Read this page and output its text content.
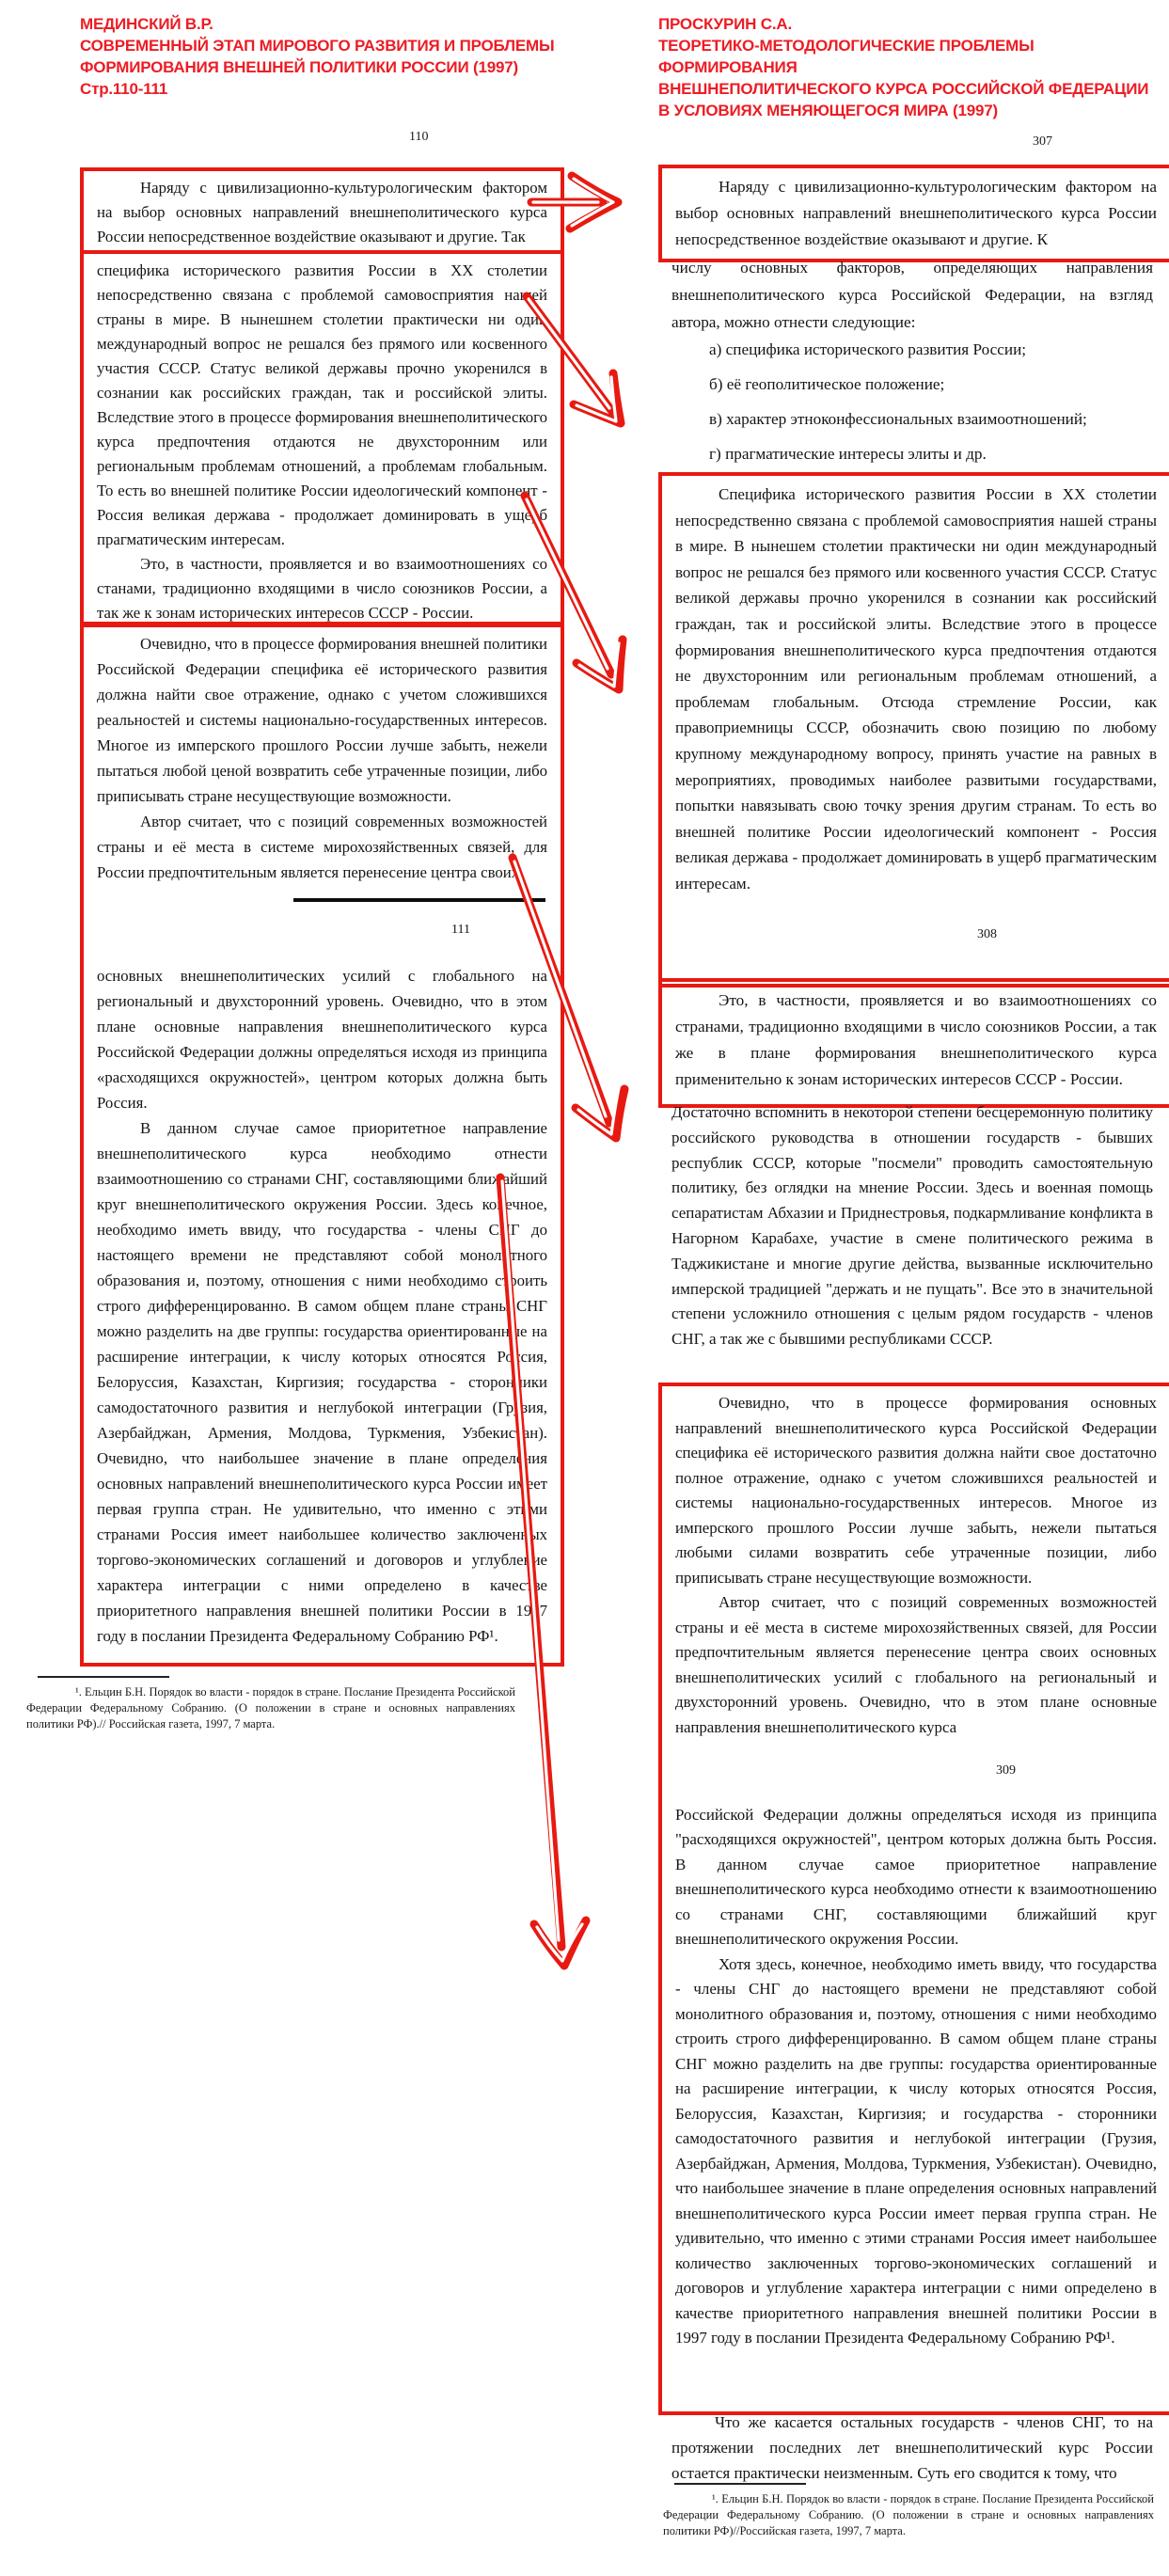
МЕДИНСКИЙ В.Р.
СОВРЕМЕННЫЙ ЭТАП МИРОВОГО РАЗВИТИЯ И ПРОБЛЕМЫ
ФОРМИРОВАНИЯ ВНЕШНЕЙ ПОЛИТИКИ РОССИИ (1997)
Стр.110-111
ПРОСКУРИН С.А.
ТЕОРЕТИКО-МЕТОДОЛОГИЧЕСКИЕ ПРОБЛЕМЫ ФОРМИРОВАНИЯ
ВНЕШНЕПОЛИТИЧЕСКОГО КУРСА РОССИЙСКОЙ ФЕДЕРАЦИИ
В УСЛОВИЯХ МЕНЯЮЩЕГОСЯ МИРА (1997)
110

Наряду с цивилизационно-культурологическим фактором на выбор основных направлений внешнеполитического курса России непосредственное воздействие оказывают и другие. Так

специфика исторического развития России в XX столетии непосредственно связана с проблемой самовосприятия нашей страны в мире. В нынешнем столетии практически ни один международный вопрос не решался без прямого или косвенного участия СССР. Статус великой державы прочно укоренился в сознании как российских граждан, так и российской элиты. Вследствие этого в процессе формирования внешнеполитического курса предпочтения отдаются не двухсторонним или региональным проблемам отношений, а проблемам глобальным. То есть во внешней политике России идеологический компонент - Россия великая держава - продолжает доминировать в ущерб прагматическим интересам.

Это, в частности, проявляется и во взаимоотношениях со станами, традиционно входящими в число союзников России, а так же к зонам исторических интересов СССР - России.

Очевидно, что в процессе формирования внешней политики Российской Федерации специфика её исторического развития должна найти свое отражение, однако с учетом сложившихся реальностей и системы национально-государственных интересов. Многое из имперского прошлого России лучше забыть, нежели пытаться любой ценой возвратить себе утраченные позиции, либо приписывать стране несуществующие возможности.

Автор считает, что с позиций современных возможностей страны и её места в системе мирохозяйственных связей, для России предпочтительным является перенесение центра своих

111

основных внешнеполитических усилий с глобального на региональный и двухсторонний уровень. Очевидно, что в этом плане основные направления внешнеполитического курса Российской Федерации должны определяться исходя из принципа «расходящихся окружностей», центром которых должна быть Россия.

В данном случае самое приоритетное направление внешнеполитического курса необходимо отнести взаимоотношению со странами СНГ, составляющими ближайший круг внешнеполитического окружения России. Здесь конечное, необходимо иметь ввиду, что государства - члены СНГ до настоящего времени не представляют собой монолитного образования и, поэтому, отношения с ними необходимо строить строго дифференцированно. В самом общем плане страны СНГ можно разделить на две группы: государства ориентированные на расширение интеграции, к числу которых относятся Россия, Белоруссия, Казахстан, Киргизия; государства - сторонники самодостаточного развития и неглубокой интеграции (Грузия, Азербайджан, Армения, Молдова, Туркмения, Узбекистан). Очевидно, что наибольшее значение в плане определения основных направлений внешнеполитического курса России имеет первая группа стран. Не удивительно, что именно с этими странами Россия имеет наибольшее количество заключенных торгово-экономических соглашений и договоров и углубление характера интеграции с ними определено в качестве приоритетного направления внешней политики России в 1997 году в послании Президента Федеральному Собранию РФ¹.

¹. Ельцин Б.Н. Порядок во власти - порядок в стране. Послание Президента Российской Федерации Федеральному Собранию. (О положении в стране и основных направлениях политики РФ).// Российская газета, 1997, 7 марта.
307

Наряду с цивилизационно-культурологическим фактором на выбор основных направлений внешнеполитического курса России непосредственное воздействие оказывают и другие. К

числу основных факторов, определяющих направления внешнеполитического курса Российской Федерации, на взгляд автора, можно отнести следующие:

а) специфика исторического развития России;
б) её геополитическое положение;
в) характер этноконфессиональных взаимоотношений;
г) прагматические интересы элиты и др.

Специфика исторического развития России в XX столетии непосредственно связана с проблемой самовосприятия нашей страны в мире. В нынешем столетии практически ни один международный вопрос не решался без прямого или косвенного участия СССР. Статус великой державы прочно укоренился в сознании как российский граждан, так и российской элиты. Вследствие этого в процессе формирования внешнеполитического курса предпочтения отдаются не двухсторонним или региональным проблемам отношений, а проблемам глобальным. Отсюда стремление России, как правоприемницы СССР, обозначить свою позицию по любому крупному международному вопросу, принять участие на равных в мероприятиях, проводимых наиболее развитыми государствами, попытки навязывать свою точку зрения другим странам. То есть во внешней политике России идеологический компонент - Россия великая держава - продолжает доминировать в ущерб прагматическим интересам.

308

Это, в частности, проявляется и во взаимоотношениях со странами, традиционно входящими в число союзников России, а так же в плане формирования внешнеполитического курса применительно к зонам исторических интересов СССР - России.

Достаточно вспомнить в некоторой степени бесцеремонную политику российского руководства в отношении государств - бывших республик СССР, которые "посмели" проводить самостоятельную политику, без оглядки на мнение России. Здесь и военная помощь сепаратистам Абхазии и Приднестровья, подкармливание конфликта в Нагорном Карабахе, участие в смене политического режима в Таджикистане и многие другие действа, вызванные исключительно имперской традицией "держать и не пущать". Все это в значительной степени усложнило отношения с целым рядом государств - членов СНГ, а так же с бывшими республиками СССР.

Очевидно, что в процессе формирования основных направлений внешнеполитического курса Российской Федерации специфика её исторического развития должна найти свое достаточно полное отражение, однако с учетом сложившихся реальностей и системы национально-государственных интересов. Многое из имперского прошлого России лучше забыть, нежели пытаться любыми силами возвратить себе утраченные позиции, либо приписывать стране несуществующие возможности.

Автор считает, что с позиций современных возможностей страны и её места в системе мирохозяйственных связей, для России предпочтительным является перенесение центра своих основных внешнеполитических усилий с глобального на региональный и двухсторонний уровень. Очевидно, что в этом плане основные направления внешнеполитического курса

309

Российской Федерации должны определяться исходя из принципа "расходящихся окружностей", центром которых должна быть Россия. В данном случае самое приоритетное направление внешнеполитического курса необходимо отнести к взаимоотношению со странами СНГ, составляющими ближайший круг внешнеполитического окружения России.

Хотя здесь, конечное, необходимо иметь ввиду, что государства - члены СНГ до настоящего времени не представляют собой монолитного образования и, поэтому, отношения с ними необходимо строить строго дифференцированно. В самом общем плане страны СНГ можно разделить на две группы: государства ориентированные на расширение интеграции, к числу которых относятся Россия, Белоруссия, Казахстан, Киргизия; и государства - сторонники самодостаточного развития и неглубокой интеграции (Грузия, Азербайджан, Армения, Молдова, Туркмения, Узбекистан). Очевидно, что наибольшее значение в плане определения основных направлений внешнеполитического курса России имеет первая группа стран. Не удивительно, что именно с этими странами Россия имеет наибольшее количество заключенных торгово-экономических соглашений и договоров и углубление характера интеграции с ними определено в качестве приоритетного направления внешней политики России в 1997 году в послании Президента Федеральному Собранию РФ¹.

Что же касается остальных государств - членов СНГ, то на протяжении последних лет внешнеполитический курс России остается практически неизменным. Суть его сводится к тому, что

¹. Ельцин Б.Н. Порядок во власти - порядок в стране. Послание Президента Российской Федерации Федеральному Собранию. (О положении в стране и основных направлениях политики РФ)//Российская газета, 1997, 7 марта.
